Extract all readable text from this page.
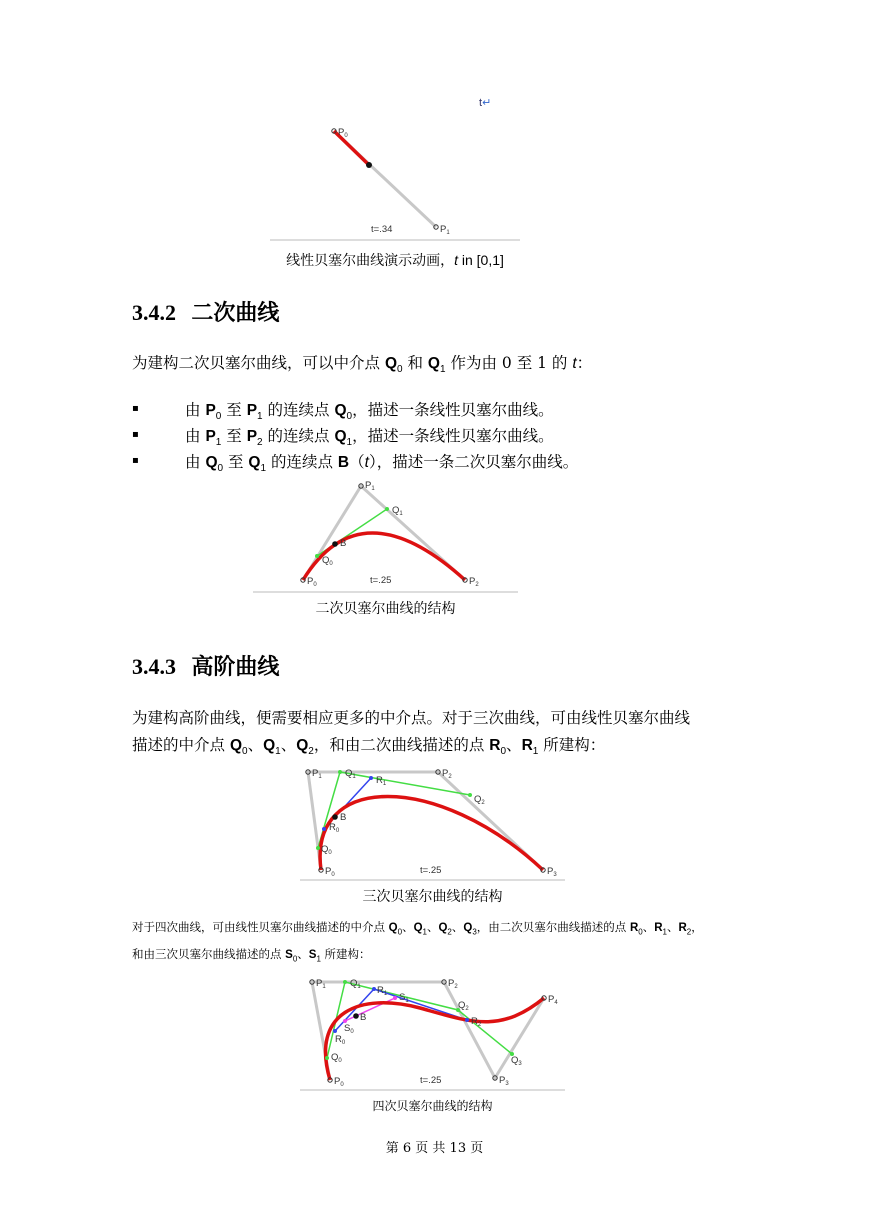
t↵
$P_0$
$P_1$
t=.34
线性贝塞尔曲线演示动画，t in [0,1]
3.4.2 二次曲线
为建构二次贝塞尔曲线，可以中介点 $Q_0$ 和 $Q_1$ 作为由 0 至 1 的 t：
▪	由 $P_0$ 至 $P_1$ 的连续点 $Q_0$，描述一条线性贝塞尔曲线。
▪	由 $P_1$ 至 $P_2$ 的连续点 $Q_1$，描述一条线性贝塞尔曲线。
▪	由 $Q_0$ 至 $Q_1$ 的连续点 B（t），描述一条二次贝塞尔曲线。
$P_0$
$P_1$
$P_2$
$Q_0$
$Q_1$
B
t=.25
二次贝塞尔曲线的结构
3.4.3 高阶曲线
为建构高阶曲线，便需要相应更多的中介点。对于三次曲线，可由线性贝塞尔曲线
描述的中介点 $Q_0$、$Q_1$、$Q_2$，和由二次曲线描述的点 $R_0$、$R_1$ 所建构：
$P_0$
$P_1$	$P_2$
$P_3$
$Q_0$
$Q_1$
$Q_2$
$R_0$
$R_1$
B
t=.25
三次贝塞尔曲线的结构
对于四次曲线，可由线性贝塞尔曲线描述的中介点 $Q_0$、$Q_1$、$Q_2$、$Q_3$，由二次贝塞尔曲线描述的点 $R_0$、$R_1$、$R_2$，
和由三次贝塞尔曲线描述的点 $S_0$、$S_1$ 所建构：
$P_0$
$P_1$	$P_2$
$P_3$
$P_4$
$Q_0$
$Q_1$
$Q_2$
$Q_3$
$R_0$
$R_1$
$R_2$
$S_0$
$S_1$
B
t=.25
四次贝塞尔曲线的结构
第 6 页 共 13 页
